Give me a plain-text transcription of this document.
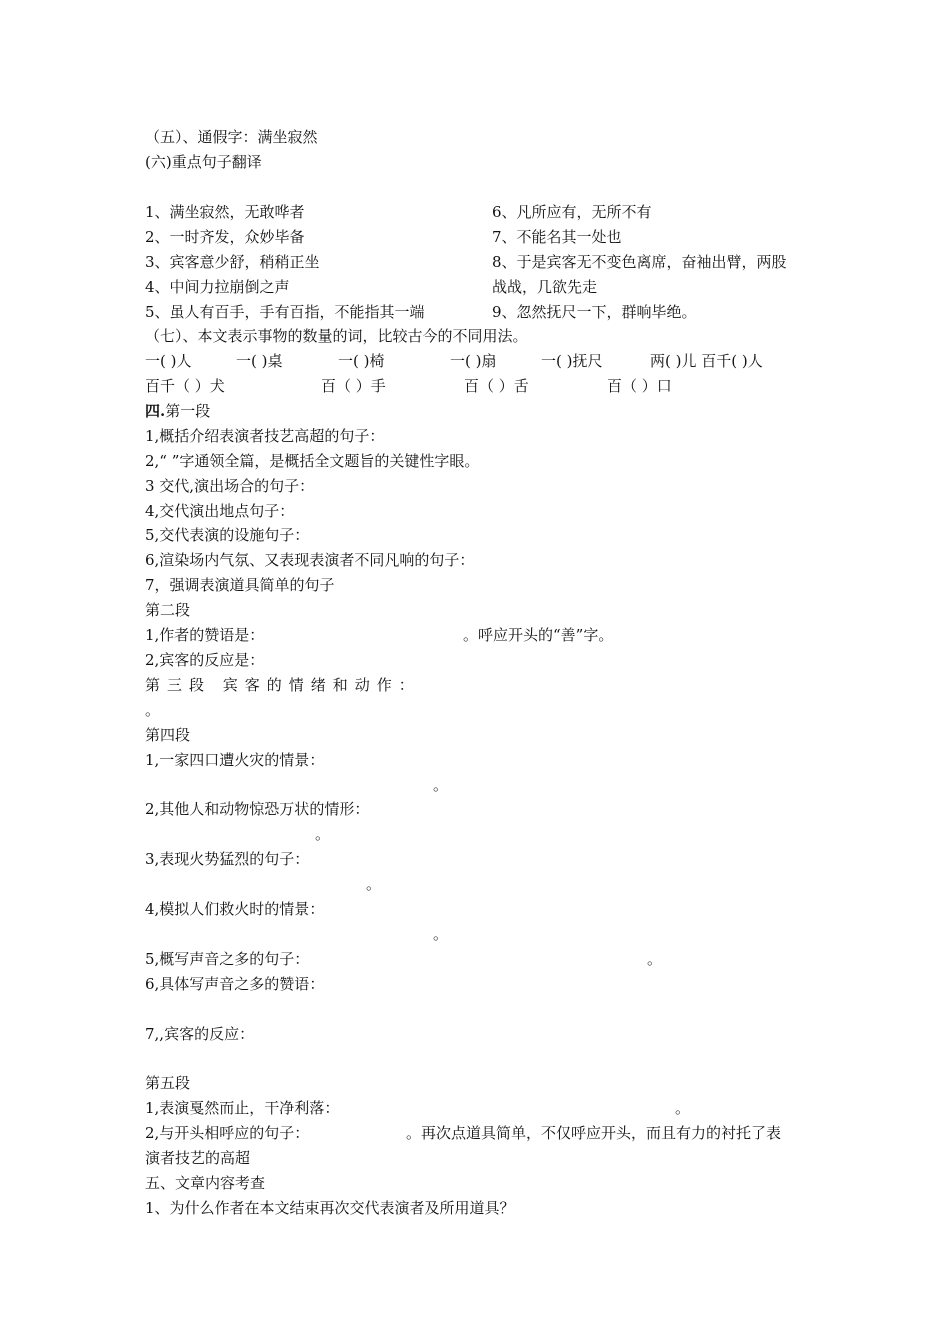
（五）、通假字：满坐寂然
(六)重点句子翻译
1、满坐寂然，无敢哗者
2、一时齐发，众妙毕备
3、宾客意少舒，稍稍正坐
4、中间力拉崩倒之声
5、虽人有百手，手有百指，不能指其一端
6、凡所应有，无所不有
7、不能名其一处也
8、于是宾客无不变色离席，奋袖出臂，两股
战战，几欲先走
9、忽然抚尺一下，群响毕绝。
（七）、本文表示事物的数量的词，比较古今的不同用法。
一( )人	一( )桌	一( )椅	一( )扇	一( )抚尺	两( )儿 百千( )人
百千（ ）犬	百（ ）手	百（ ）舌	百（ ）口
四.第一段
1,概括介绍表演者技艺高超的句子：
2,“ ”字通领全篇，是概括全文题旨的关键性字眼。
3 交代,演出场合的句子：
4,交代演出地点句子：
5,交代表演的设施句子：
6,渲染场内气氛、又表现表演者不同凡响的句子：
7，强调表演道具简单的句子
第二段
1,作者的赞语是：	。呼应开头的“善”字。
2,宾客的反应是：
第三段 宾客的情绪和动作：
。
第四段
1,一家四口遭火灾的情景：
。
2,其他人和动物惊恐万状的情形：
。
3,表现火势猛烈的句子：
。
4,模拟人们救火时的情景：
。
5,概写声音之多的句子：	。
6,具体写声音之多的赞语：
7,,宾客的反应：
第五段
1,表演戛然而止，干净利落：	。
2,与开头相呼应的句子：	。再次点道具简单，不仅呼应开头，而且有力的衬托了表
演者技艺的高超
五、文章内容考查
1、为什么作者在本文结束再次交代表演者及所用道具？
